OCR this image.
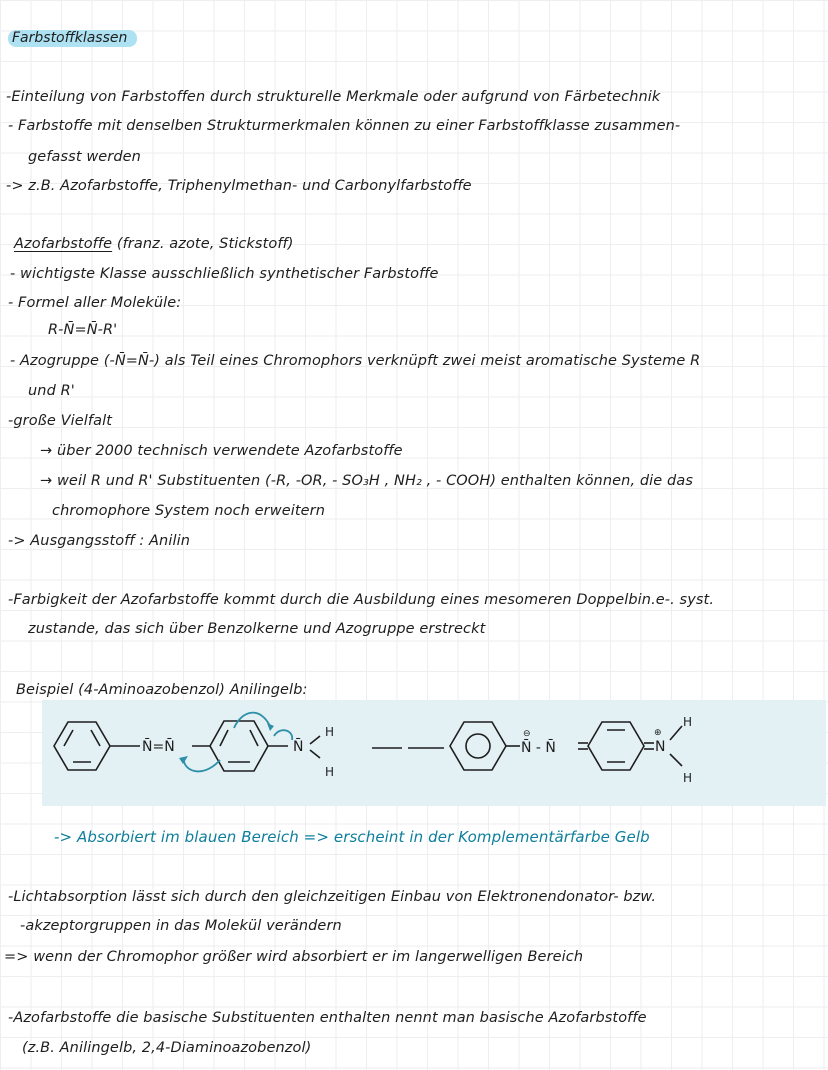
Farbstoffklassen
-Einteilung von Farbstoffen durch strukturelle Merkmale oder aufgrund von Färbetechnik
- Farbstoffe mit denselben Strukturmerkmalen können zu einer Farbstoffklasse zusammen-
gefasst werden
-> z.B. Azofarbstoffe, Triphenylmethan- und Carbonylfarbstoffe
Azofarbstoffe (franz. azote, Stickstoff)
- wichtigste Klasse ausschließlich synthetischer Farbstoffe
- Formel aller Moleküle:
R-N̄=N̄-R'
- Azogruppe (-N̄=N̄-) als Teil eines Chromophors verknüpft zwei meist aromatische Systeme R
und R'
-große Vielfalt
→ über 2000 technisch verwendete Azofarbstoffe
→ weil R und R' Substituenten (-R, -OR, - SO₃H , NH₂ , - COOH) enthalten können, die das
chromophore System noch erweitern
-> Ausgangsstoff : Anilin
-Farbigkeit der Azofarbstoffe kommt durch die Ausbildung eines mesomeren Doppelbin.e-. syst.
zustande, das sich über Benzolkerne und Azogruppe erstreckt
Beispiel (4-Aminoazobenzol) Anilingelb:
N̄=N̄	N̄
H
H
N̄ - N̄
⊖
N
⊕
H
H
-> Absorbiert im blauen Bereich => erscheint in der Komplementärfarbe Gelb
-Lichtabsorption lässt sich durch den gleichzeitigen Einbau von Elektronendonator- bzw.
-akzeptorgruppen in das Molekül verändern
=> wenn der Chromophor größer wird absorbiert er im langerwelligen Bereich
-Azofarbstoffe die basische Substituenten enthalten nennt man basische Azofarbstoffe
(z.B. Anilingelb, 2,4-Diaminoazobenzol)
